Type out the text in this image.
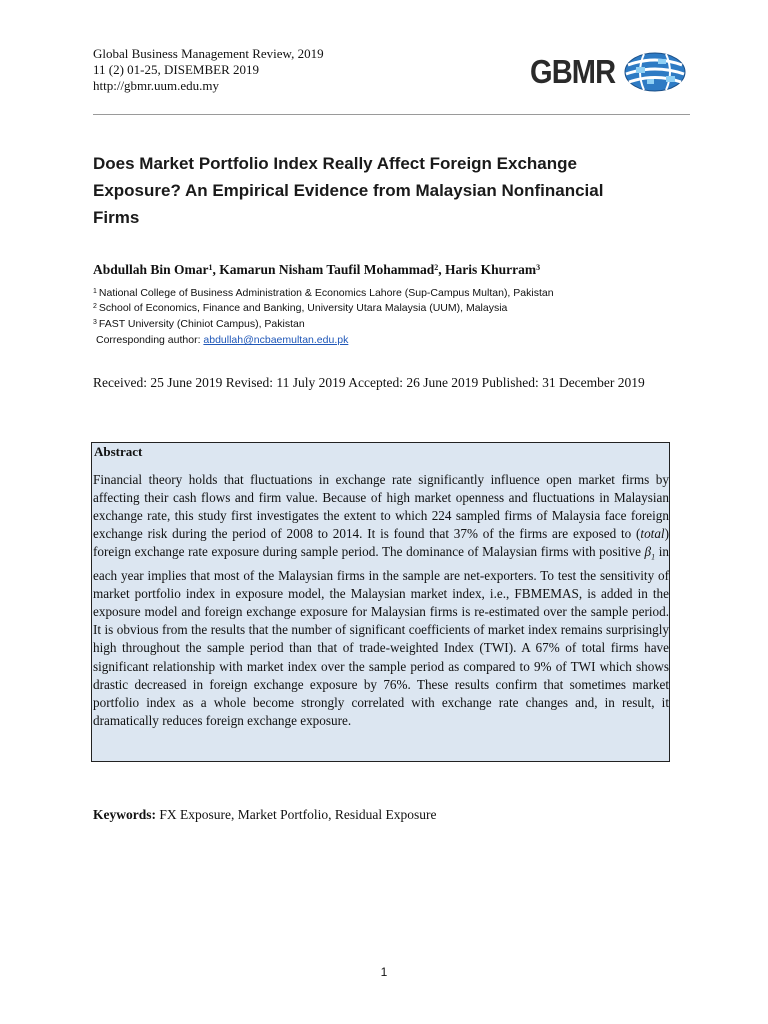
Global Business Management Review, 2019
11 (2) 01-25, DISEMBER 2019
http://gbmr.uum.edu.my	GBMR
Does Market Portfolio Index Really Affect Foreign Exchange Exposure? An Empirical Evidence from Malaysian Nonfinancial Firms
Abdullah Bin Omar$^1$, Kamarun Nisham Taufil Mohammad$^2$, Haris Khurram$^3$
$^1$ National College of Business Administration & Economics Lahore (Sup-Campus Multan), Pakistan
$^2$ School of Economics, Finance and Banking, University Utara Malaysia (UUM), Malaysia
$^3$ FAST University (Chiniot Campus), Pakistan
Corresponding author: abdullah@ncbaemultan.edu.pk
Received: 25 June 2019 Revised: 11 July 2019 Accepted: 26 June 2019 Published: 31 December 2019
Abstract

Financial theory holds that fluctuations in exchange rate significantly influence open market firms by affecting their cash flows and firm value. Because of high market openness and fluctuations in Malaysian exchange rate, this study first investigates the extent to which 224 sampled firms of Malaysia face foreign exchange risk during the period of 2008 to 2014. It is found that 37% of the firms are exposed to (total) foreign exchange rate exposure during sample period. The dominance of Malaysian firms with positive $\beta_1$ in each year implies that most of the Malaysian firms in the sample are net-exporters. To test the sensitivity of market portfolio index in exposure model, the Malaysian market index, i.e., FBMEMAS, is added in the exposure model and foreign exchange exposure for Malaysian firms is re-estimated over the sample period. It is obvious from the results that the number of significant coefficients of market index remains surprisingly high throughout the sample period than that of trade-weighted Index (TWI). A 67% of total firms have significant relationship with market index over the sample period as compared to 9% of TWI which shows drastic decreased in foreign exchange exposure by 76%. These results confirm that sometimes market portfolio index as a whole become strongly correlated with exchange rate changes and, in result, it dramatically reduces foreign exchange exposure.

Keywords: FX Exposure, Market Portfolio, Residual Exposure
1
